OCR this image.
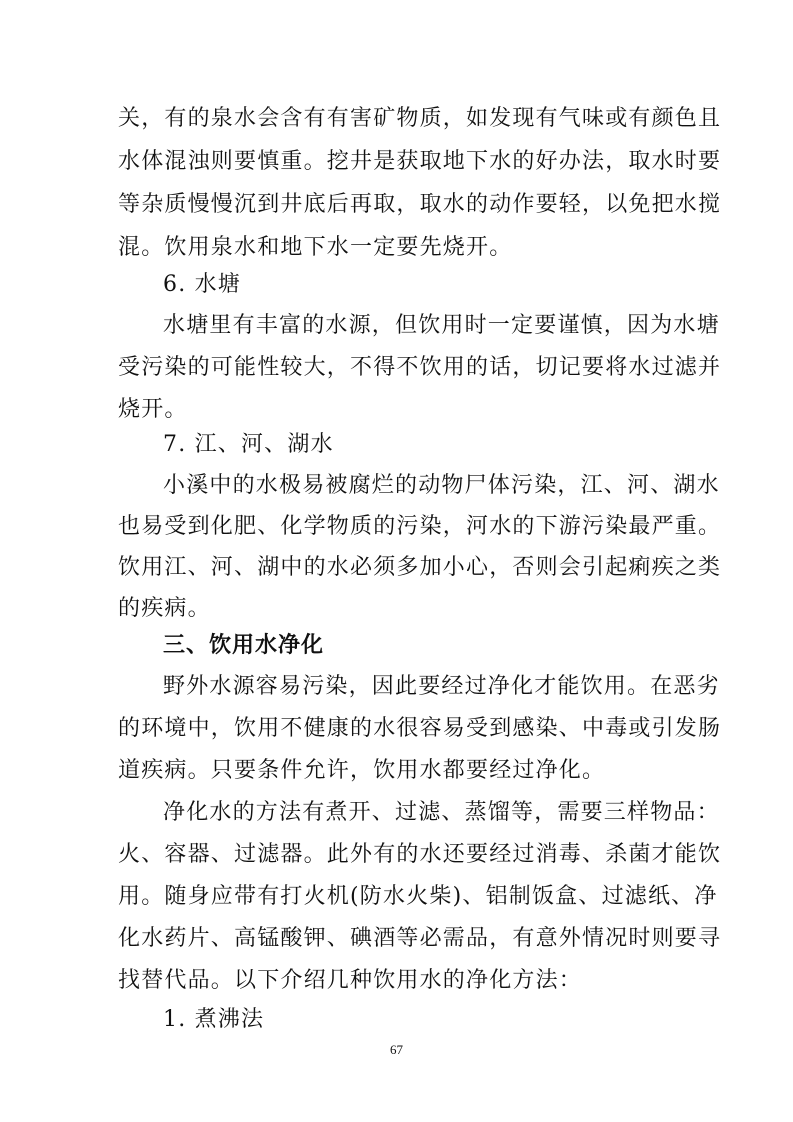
关，有的泉水会含有有害矿物质，如发现有气味或有颜色且
水体混浊则要慎重。挖井是获取地下水的好办法，取水时要
等杂质慢慢沉到井底后再取，取水的动作要轻，以免把水搅
混。饮用泉水和地下水一定要先烧开。
6. 水塘
水塘里有丰富的水源，但饮用时一定要谨慎，因为水塘
受污染的可能性较大，不得不饮用的话，切记要将水过滤并
烧开。
7. 江、河、湖水
小溪中的水极易被腐烂的动物尸体污染，江、河、湖水
也易受到化肥、化学物质的污染，河水的下游污染最严重。
饮用江、河、湖中的水必须多加小心，否则会引起痢疾之类
的疾病。
三、饮用水净化
野外水源容易污染，因此要经过净化才能饮用。在恶劣
的环境中，饮用不健康的水很容易受到感染、中毒或引发肠
道疾病。只要条件允许，饮用水都要经过净化。
净化水的方法有煮开、过滤、蒸馏等，需要三样物品：
火、容器、过滤器。此外有的水还要经过消毒、杀菌才能饮
用。随身应带有打火机(防水火柴)、铝制饭盒、过滤纸、净
化水药片、高锰酸钾、碘酒等必需品，有意外情况时则要寻
找替代品。以下介绍几种饮用水的净化方法：
1. 煮沸法
67
